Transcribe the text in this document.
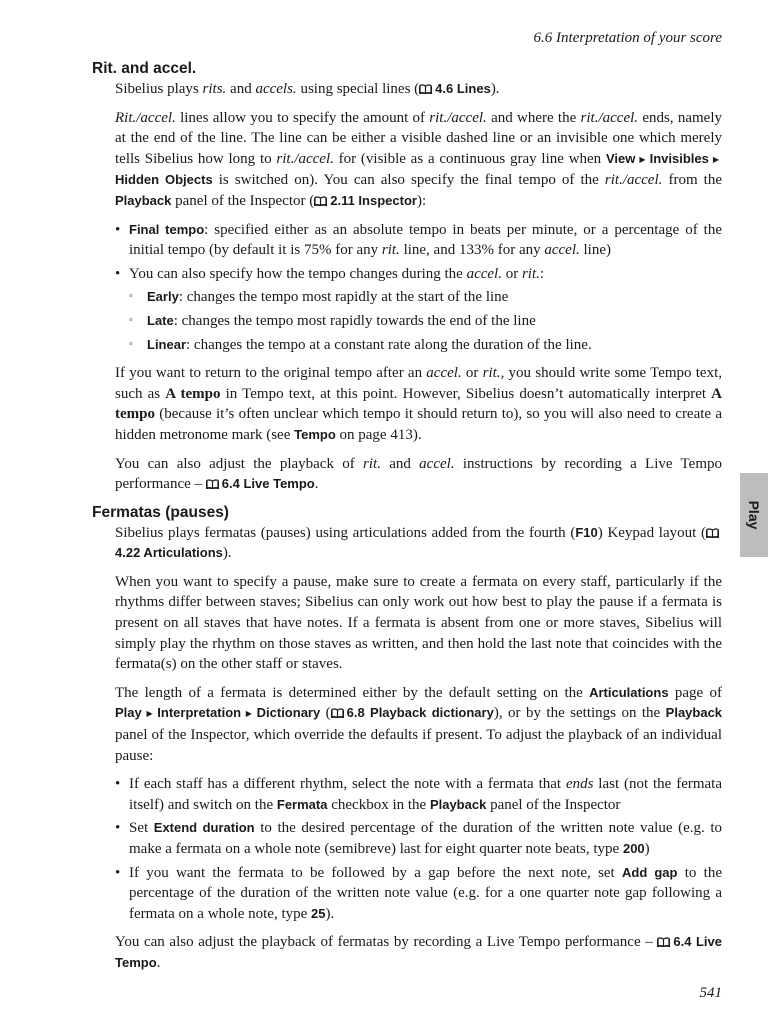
6.6 Interpretation of your score
Rit. and accel.

Sibelius plays rits. and accels. using special lines ( 4.6 Lines).

Rit./accel. lines allow you to specify the amount of rit./accel. and where the rit./accel. ends, namely at the end of the line. The line can be either a visible dashed line or an invisible one which merely tells Sibelius how long to rit./accel. for (visible as a continuous gray line when View ▶ Invisibles ▶ Hidden Objects is switched on). You can also specify the final tempo of the rit./accel. from the Playback panel of the Inspector ( 2.11 Inspector):

• Final tempo: specified either as an absolute tempo in beats per minute, or a percentage of the initial tempo (by default it is 75% for any rit. line, and 133% for any accel. line)
• You can also specify how the tempo changes during the accel. or rit.:
◦ Early: changes the tempo most rapidly at the start of the line
◦ Late: changes the tempo most rapidly towards the end of the line
◦ Linear: changes the tempo at a constant rate along the duration of the line.

If you want to return to the original tempo after an accel. or rit., you should write some Tempo text, such as A tempo in Tempo text, at this point. However, Sibelius doesn’t automatically interpret A tempo (because it’s often unclear which tempo it should return to), so you will also need to create a hidden metronome mark (see Tempo on page 413).

You can also adjust the playback of rit. and accel. instructions by recording a Live Tempo performance – 6.4 Live Tempo.

Fermatas (pauses)

Sibelius plays fermatas (pauses) using articulations added from the fourth (F10) Keypad layout (4.22 Articulations).

When you want to specify a pause, make sure to create a fermata on every staff, particularly if the rhythms differ between staves; Sibelius can only work out how best to play the pause if a fermata is present on all staves that have notes. If a fermata is absent from one or more staves, Sibelius will simply play the rhythm on those staves as written, and then hold the last note that coincides with the fermata(s) on the other staff or staves.

The length of a fermata is determined either by the default setting on the Articulations page of Play ▶ Interpretation ▶ Dictionary ( 6.8 Playback dictionary), or by the settings on the Playback panel of the Inspector, which override the defaults if present. To adjust the playback of an individual pause:

• If each staff has a different rhythm, select the note with a fermata that ends last (not the fermata itself) and switch on the Fermata checkbox in the Playback panel of the Inspector
• Set Extend duration to the desired percentage of the duration of the written note value (e.g. to make a fermata on a whole note (semibreve) last for eight quarter note beats, type 200)
• If you want the fermata to be followed by a gap before the next note, set Add gap to the percentage of the duration of the written note value (e.g. for a one quarter note gap following a fermata on a whole note, type 25).

You can also adjust the playback of fermatas by recording a Live Tempo performance – 6.4 Live Tempo.

Play
541
